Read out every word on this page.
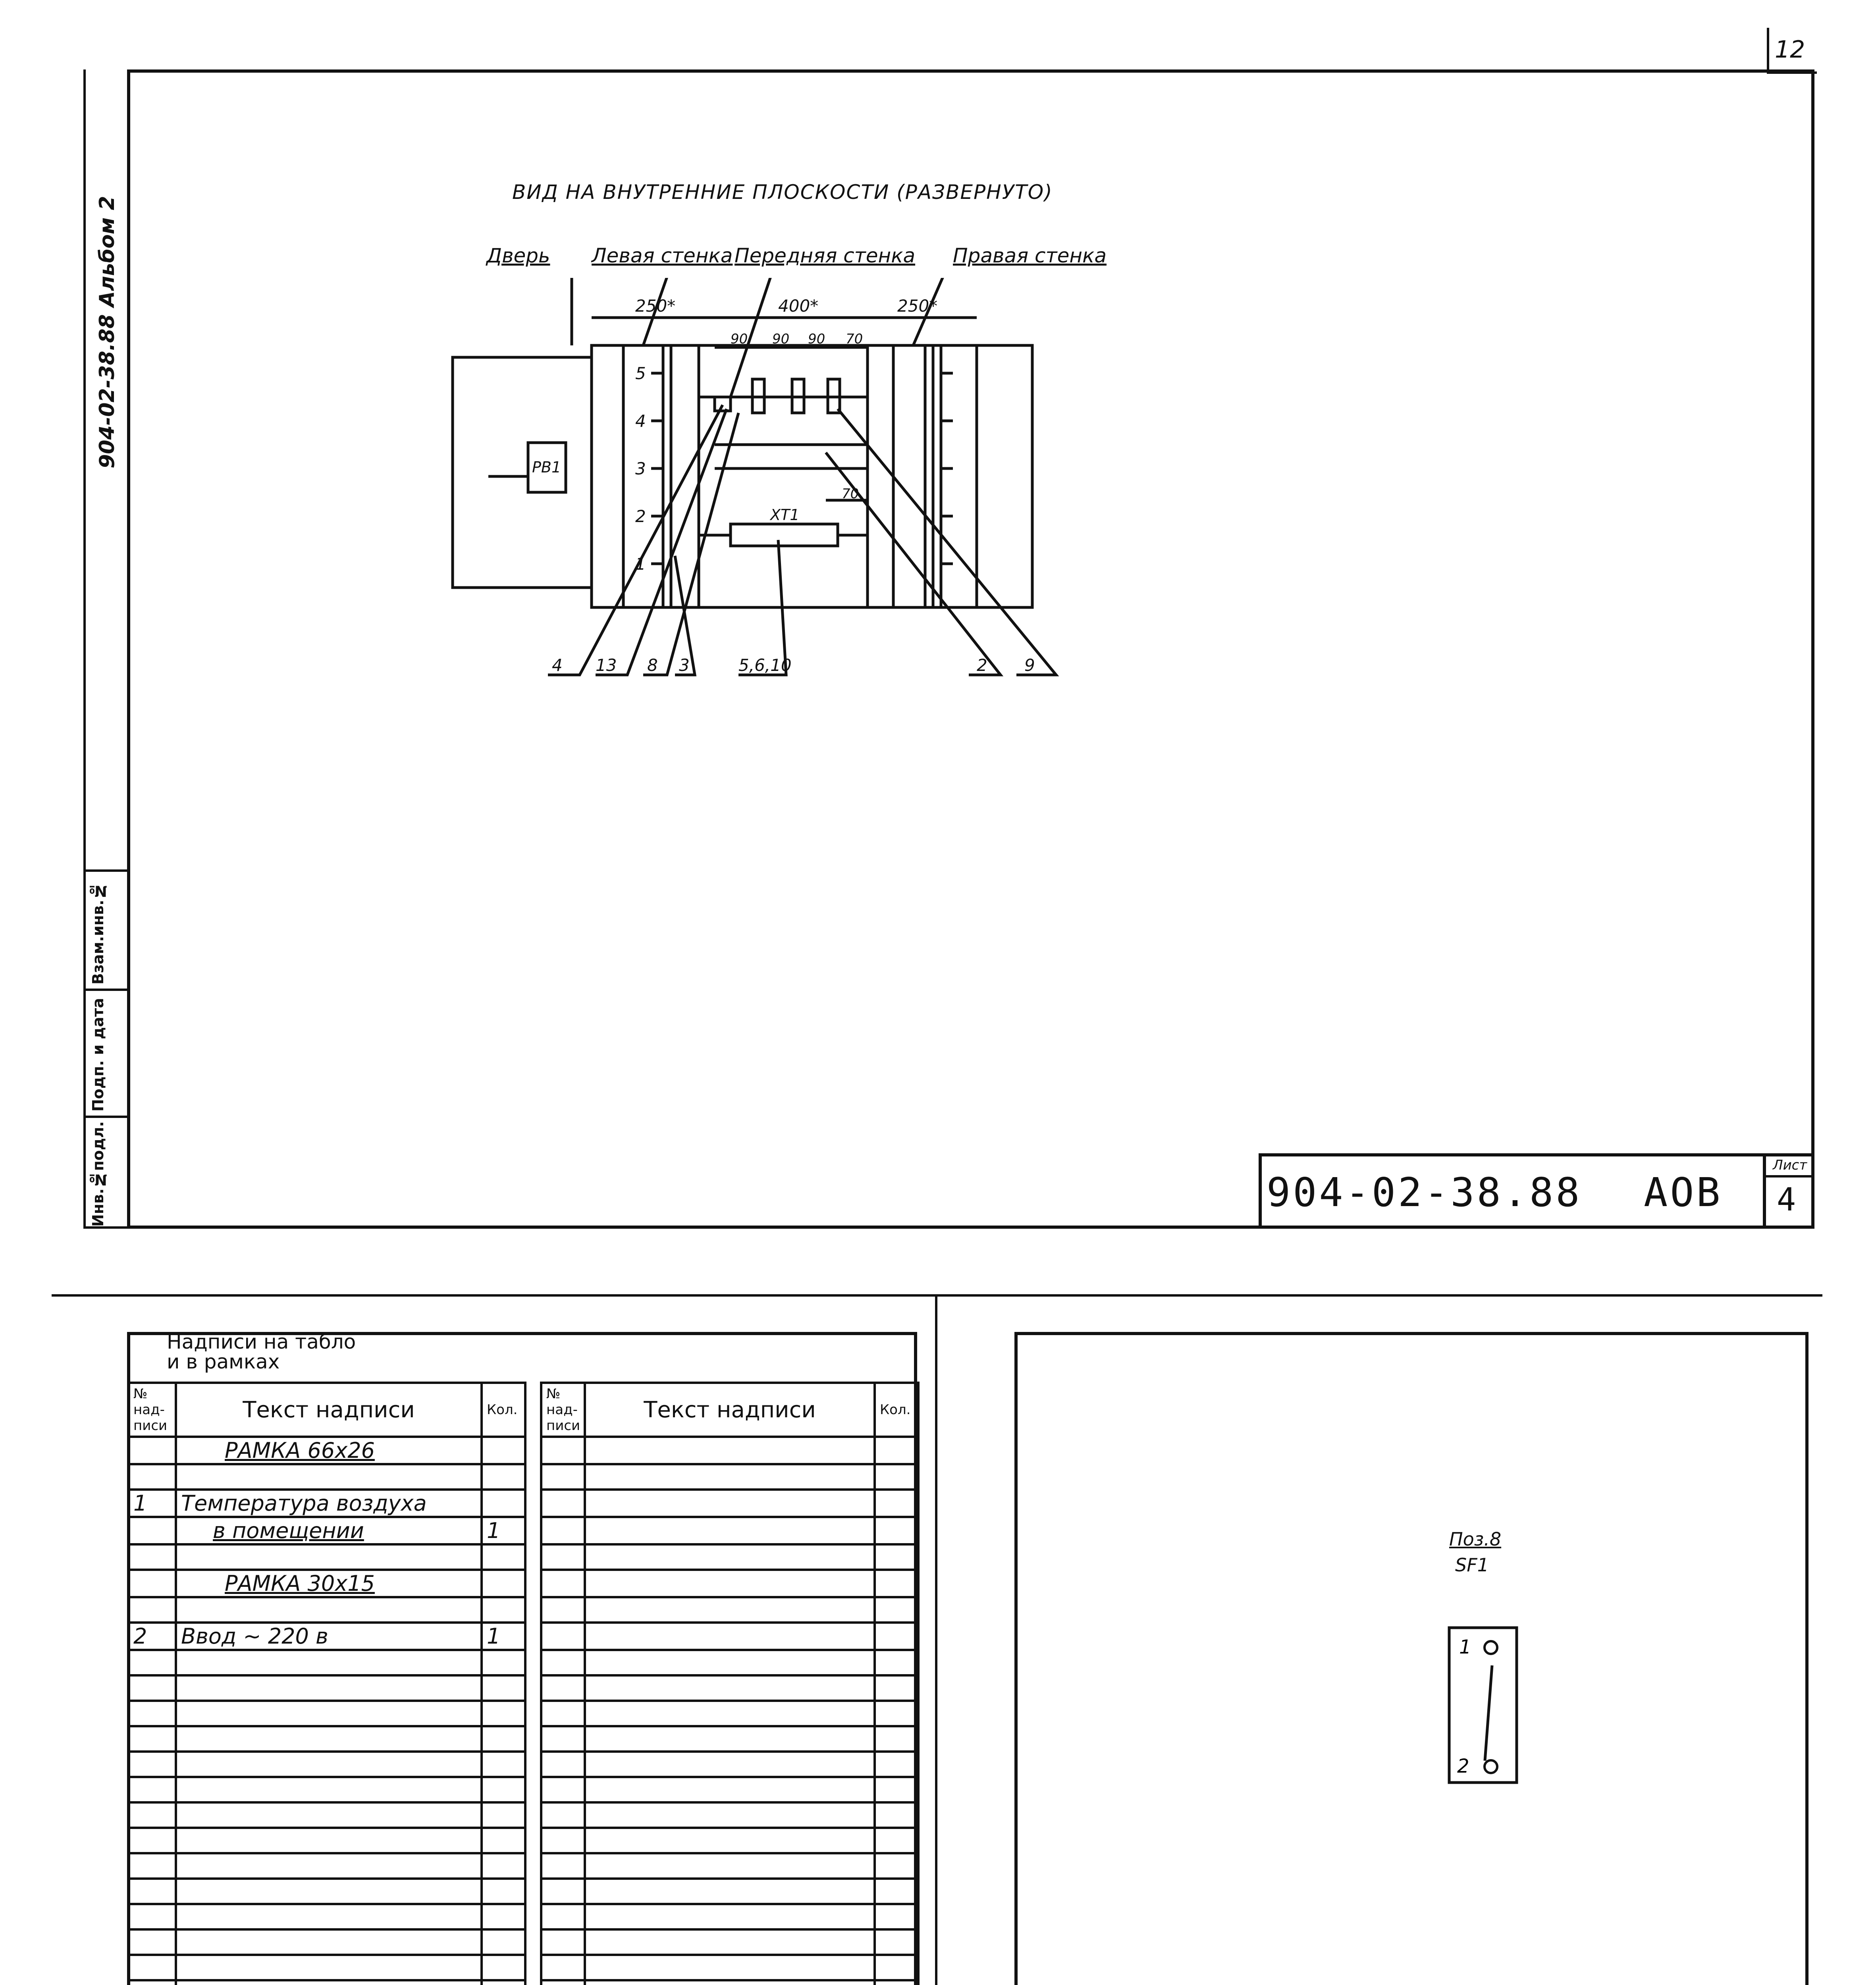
12
904-02-38.88 Альбом 2
Инв.№подл.
Подп. и дата
Взам.инв.№
ВИД НА ВНУТРЕННИЕ ПЛОСКОСТИ (РАЗВЕРНУТО)
Дверь Левая стенка Передняя стенка Правая стенка
250*	400*	250*
90 90 90 70
70
5
4
3
2
1
РВ1
XT1
4 13 8 3	5,6,10	2 9
904-02-38.88 АОВ
Лист
4
Надписи на табло и в рамках
№ над-писи	Текст надписи	Кол.		№ над-писи	Текст надписи	Кол.
	РАМКА 66х26					

1	Температура воздуха					
	в помещении	1				

	РАМКА 30х15					

2	Ввод ~ 220 в	1				

Поз.8
SF1
1
2
